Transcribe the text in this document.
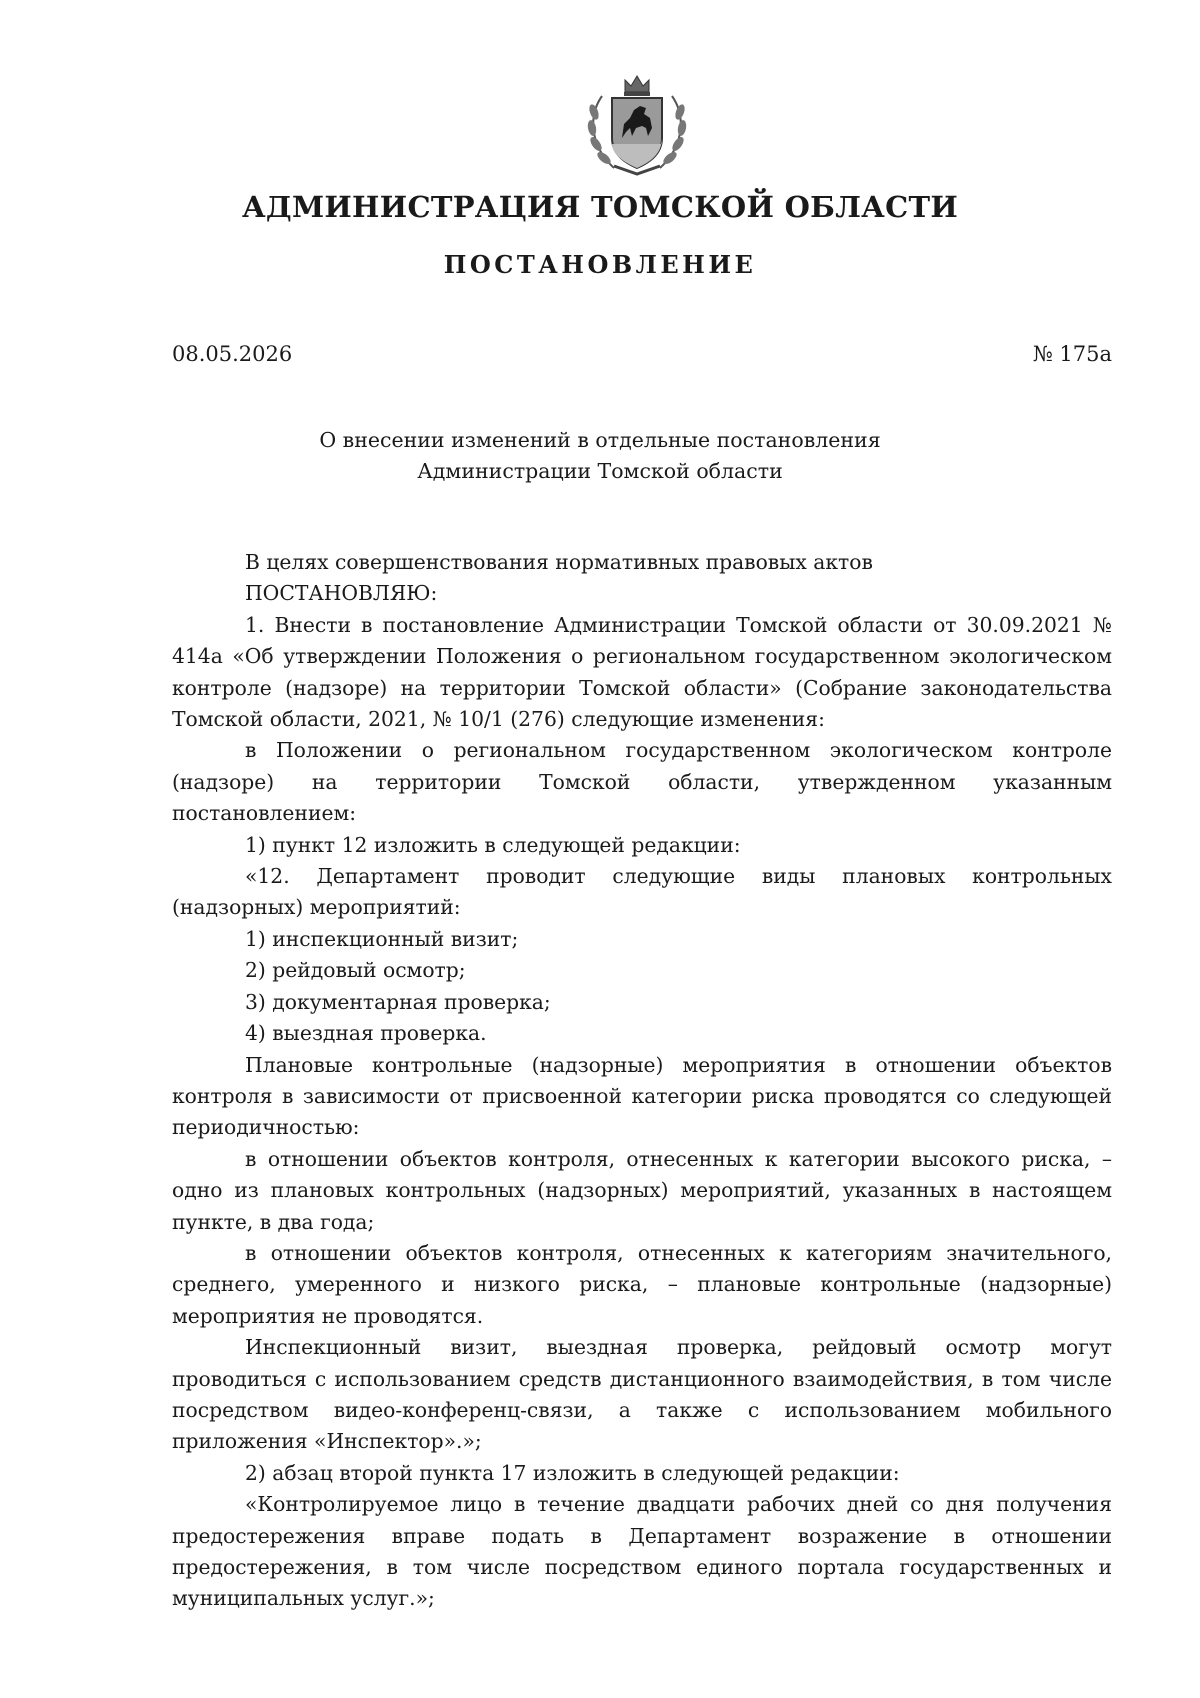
АДМИНИСТРАЦИЯ ТОМСКОЙ ОБЛАСТИ
ПОСТАНОВЛЕНИЕ
08.05.2026	№ 175а
О внесении изменений в отдельные постановления
Администрации Томской области

В целях совершенствования нормативных правовых актов

ПОСТАНОВЛЯЮ:

1. Внести в постановление Администрации Томской области от 30.09.2021 № 414а «Об утверждении Положения о региональном государственном экологическом контроле (надзоре) на территории Томской области» (Собрание законодательства Томской области, 2021, № 10/1 (276) следующие изменения:

в Положении о региональном государственном экологическом контроле (надзоре) на территории Томской области, утвержденном указанным постановлением:

1) пункт 12 изложить в следующей редакции:

«12. Департамент проводит следующие виды плановых контрольных (надзорных) мероприятий:

1) инспекционный визит;

2) рейдовый осмотр;

3) документарная проверка;

4) выездная проверка.

Плановые контрольные (надзорные) мероприятия в отношении объектов контроля в зависимости от присвоенной категории риска проводятся со следующей периодичностью:

в отношении объектов контроля, отнесенных к категории высокого риска, – одно из плановых контрольных (надзорных) мероприятий, указанных в настоящем пункте, в два года;

в отношении объектов контроля, отнесенных к категориям значительного, среднего, умеренного и низкого риска, – плановые контрольные (надзорные) мероприятия не проводятся.

Инспекционный визит, выездная проверка, рейдовый осмотр могут проводиться с использованием средств дистанционного взаимодействия, в том числе посредством видео-конференц-связи, а также с использованием мобильного приложения «Инспектор».»;

2) абзац второй пункта 17 изложить в следующей редакции:

«Контролируемое лицо в течение двадцати рабочих дней со дня получения предостережения вправе подать в Департамент возражение в отношении предостережения, в том числе посредством единого портала государственных и муниципальных услуг.»;
